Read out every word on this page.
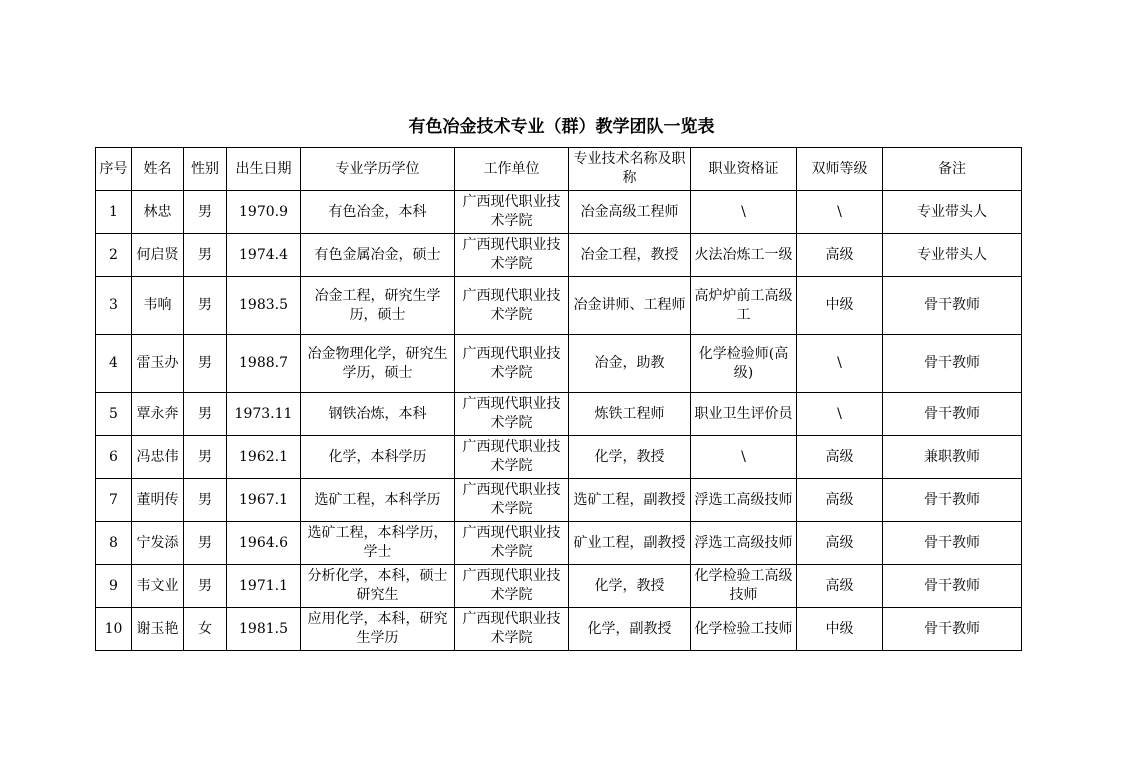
有色冶金技术专业（群）教学团队一览表
序号	姓名	性别	出生日期	专业学历学位	工作单位	专业技术名称及职称	职业资格证	双师等级	备注
1	林忠	男	1970.9	有色冶金，本科	广西现代职业技术学院	冶金高级工程师	\	\	专业带头人
2	何启贤	男	1974.4	有色金属冶金，硕士	广西现代职业技术学院	冶金工程，教授	火法冶炼工一级	高级	专业带头人
3	韦响	男	1983.5	冶金工程，研究生学历，硕士	广西现代职业技术学院	冶金讲师、工程师	高炉炉前工高级工	中级	骨干教师
4	雷玉办	男	1988.7	冶金物理化学，研究生学历，硕士	广西现代职业技术学院	冶金，助教	化学检验师(高级)	\	骨干教师
5	覃永奔	男	1973.11	钢铁冶炼，本科	广西现代职业技术学院	炼铁工程师	职业卫生评价员	\	骨干教师
6	冯忠伟	男	1962.1	化学，本科学历	广西现代职业技术学院	化学，教授	\	高级	兼职教师
7	董明传	男	1967.1	选矿工程，本科学历	广西现代职业技术学院	选矿工程，副教授	浮选工高级技师	高级	骨干教师
8	宁发添	男	1964.6	选矿工程，本科学历，学士	广西现代职业技术学院	矿业工程，副教授	浮选工高级技师	高级	骨干教师
9	韦文业	男	1971.1	分析化学，本科，硕士研究生	广西现代职业技术学院	化学，教授	化学检验工高级技师	高级	骨干教师
10	谢玉艳	女	1981.5	应用化学，本科，研究生学历	广西现代职业技术学院	化学，副教授	化学检验工技师	中级	骨干教师
